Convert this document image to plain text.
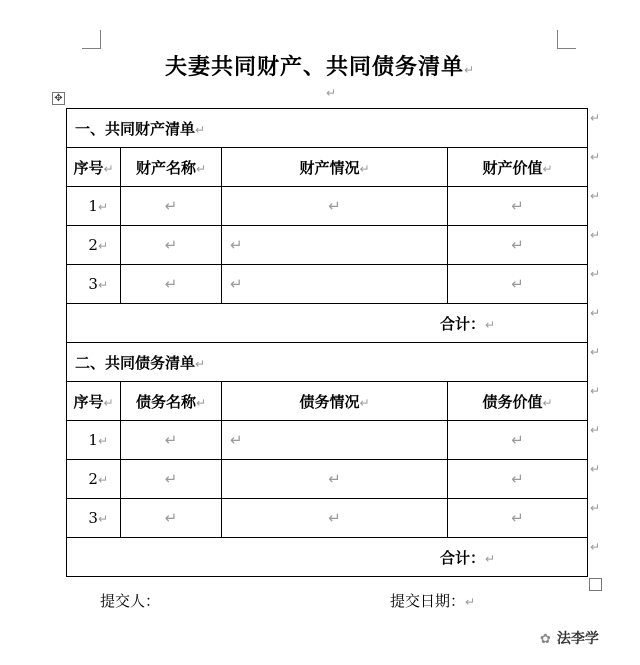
夫妻共同财产、共同债务清单↵
↵
✥
一、共同财产清单↵			
序号↵	财产名称↵	财产情况↵	财产价值↵
1↵	↵	↵	↵
2↵	↵	↵	↵
3↵	↵	↵	↵
合计：↵			
二、共同债务清单↵			
序号↵	债务名称↵	债务情况↵	债务价值↵
1↵	↵	↵	↵
2↵	↵	↵	↵
3↵	↵	↵	↵
合计：↵			
↵
↵
↵
↵
↵
↵
↵
↵
↵
↵
↵
↵
提交人：	提交日期：↵
✿ 法李学
